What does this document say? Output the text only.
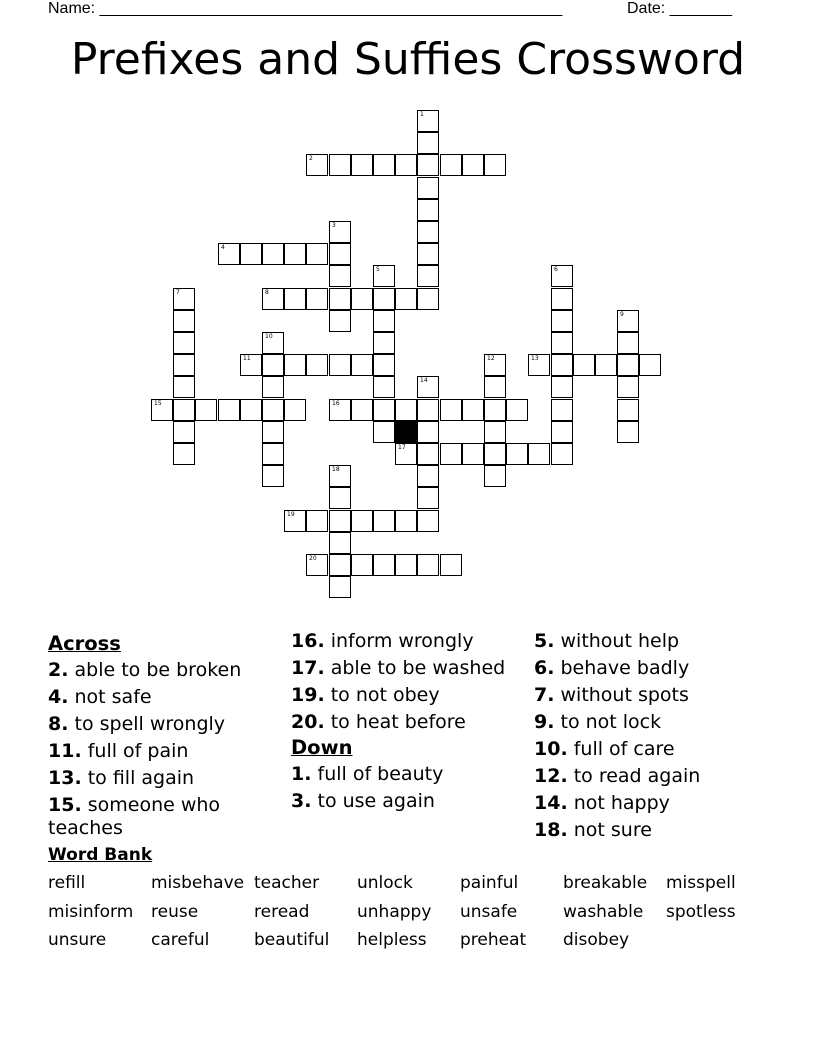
Name: ____________________________________________________	Date: _______
Prefixes and Suffies Crossword
1
2
3
4
5	6
7	8
9
10
11	12	13
14
15	16
17
18
19
20
Across
2. able to be broken
4. not safe
8. to spell wrongly
11. full of pain
13. to fill again
15. someone who teaches
16. inform wrongly
17. able to be washed
19. to not obey
20. to heat before
Down
1. full of beauty
3. to use again
5. without help
6. behave badly
7. without spots
9. to not lock
10. full of care
12. to read again
14. not happy
18. not sure
Word Bank
refill	misbehave teacher unlock	painful	breakable misspell
misinform reuse	reread	unhappy unsafe	washable spotless
unsure	careful	beautiful helpless preheat disobey
